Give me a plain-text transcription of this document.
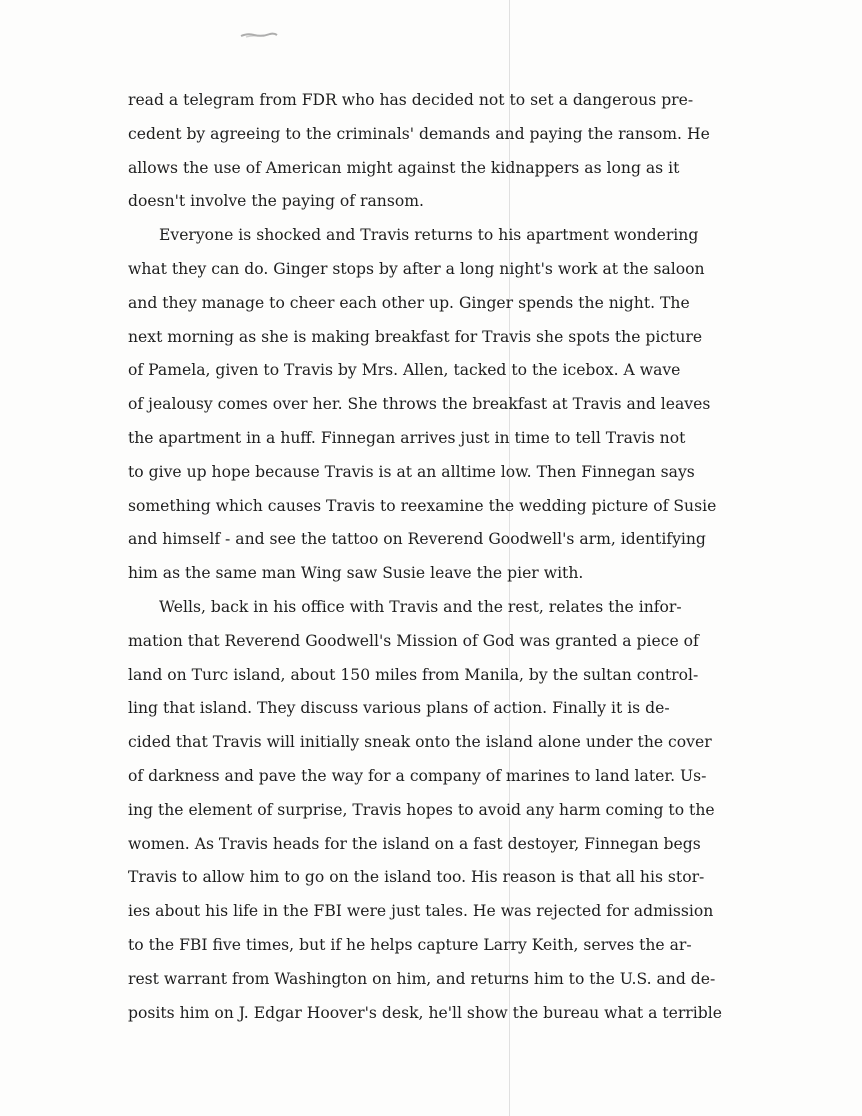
read a telegram from FDR who has decided not to set a dangerous pre-
cedent by agreeing to the criminals' demands and paying the ransom. He
allows the use of American might against the kidnappers as long as it
doesn't involve the paying of ransom.
Everyone is shocked and Travis returns to his apartment wondering
what they can do. Ginger stops by after a long night's work at the saloon
and they manage to cheer each other up. Ginger spends the night. The
next morning as she is making breakfast for Travis she spots the picture
of Pamela, given to Travis by Mrs. Allen, tacked to the icebox. A wave
of jealousy comes over her. She throws the breakfast at Travis and leaves
the apartment in a huff. Finnegan arrives just in time to tell Travis not
to give up hope because Travis is at an alltime low. Then Finnegan says
something which causes Travis to reexamine the wedding picture of Susie
and himself - and see the tattoo on Reverend Goodwell's arm, identifying
him as the same man Wing saw Susie leave the pier with.
Wells, back in his office with Travis and the rest, relates the infor-
mation that Reverend Goodwell's Mission of God was granted a piece of
land on Turc island, about 150 miles from Manila, by the sultan control-
ling that island. They discuss various plans of action. Finally it is de-
cided that Travis will initially sneak onto the island alone under the cover
of darkness and pave the way for a company of marines to land later. Us-
ing the element of surprise, Travis hopes to avoid any harm coming to the
women. As Travis heads for the island on a fast destoyer, Finnegan begs
Travis to allow him to go on the island too. His reason is that all his stor-
ies about his life in the FBI were just tales. He was rejected for admission
to the FBI five times, but if he helps capture Larry Keith, serves the ar-
rest warrant from Washington on him, and returns him to the U.S. and de-
posits him on J. Edgar Hoover's desk, he'll show the bureau what a terrible
